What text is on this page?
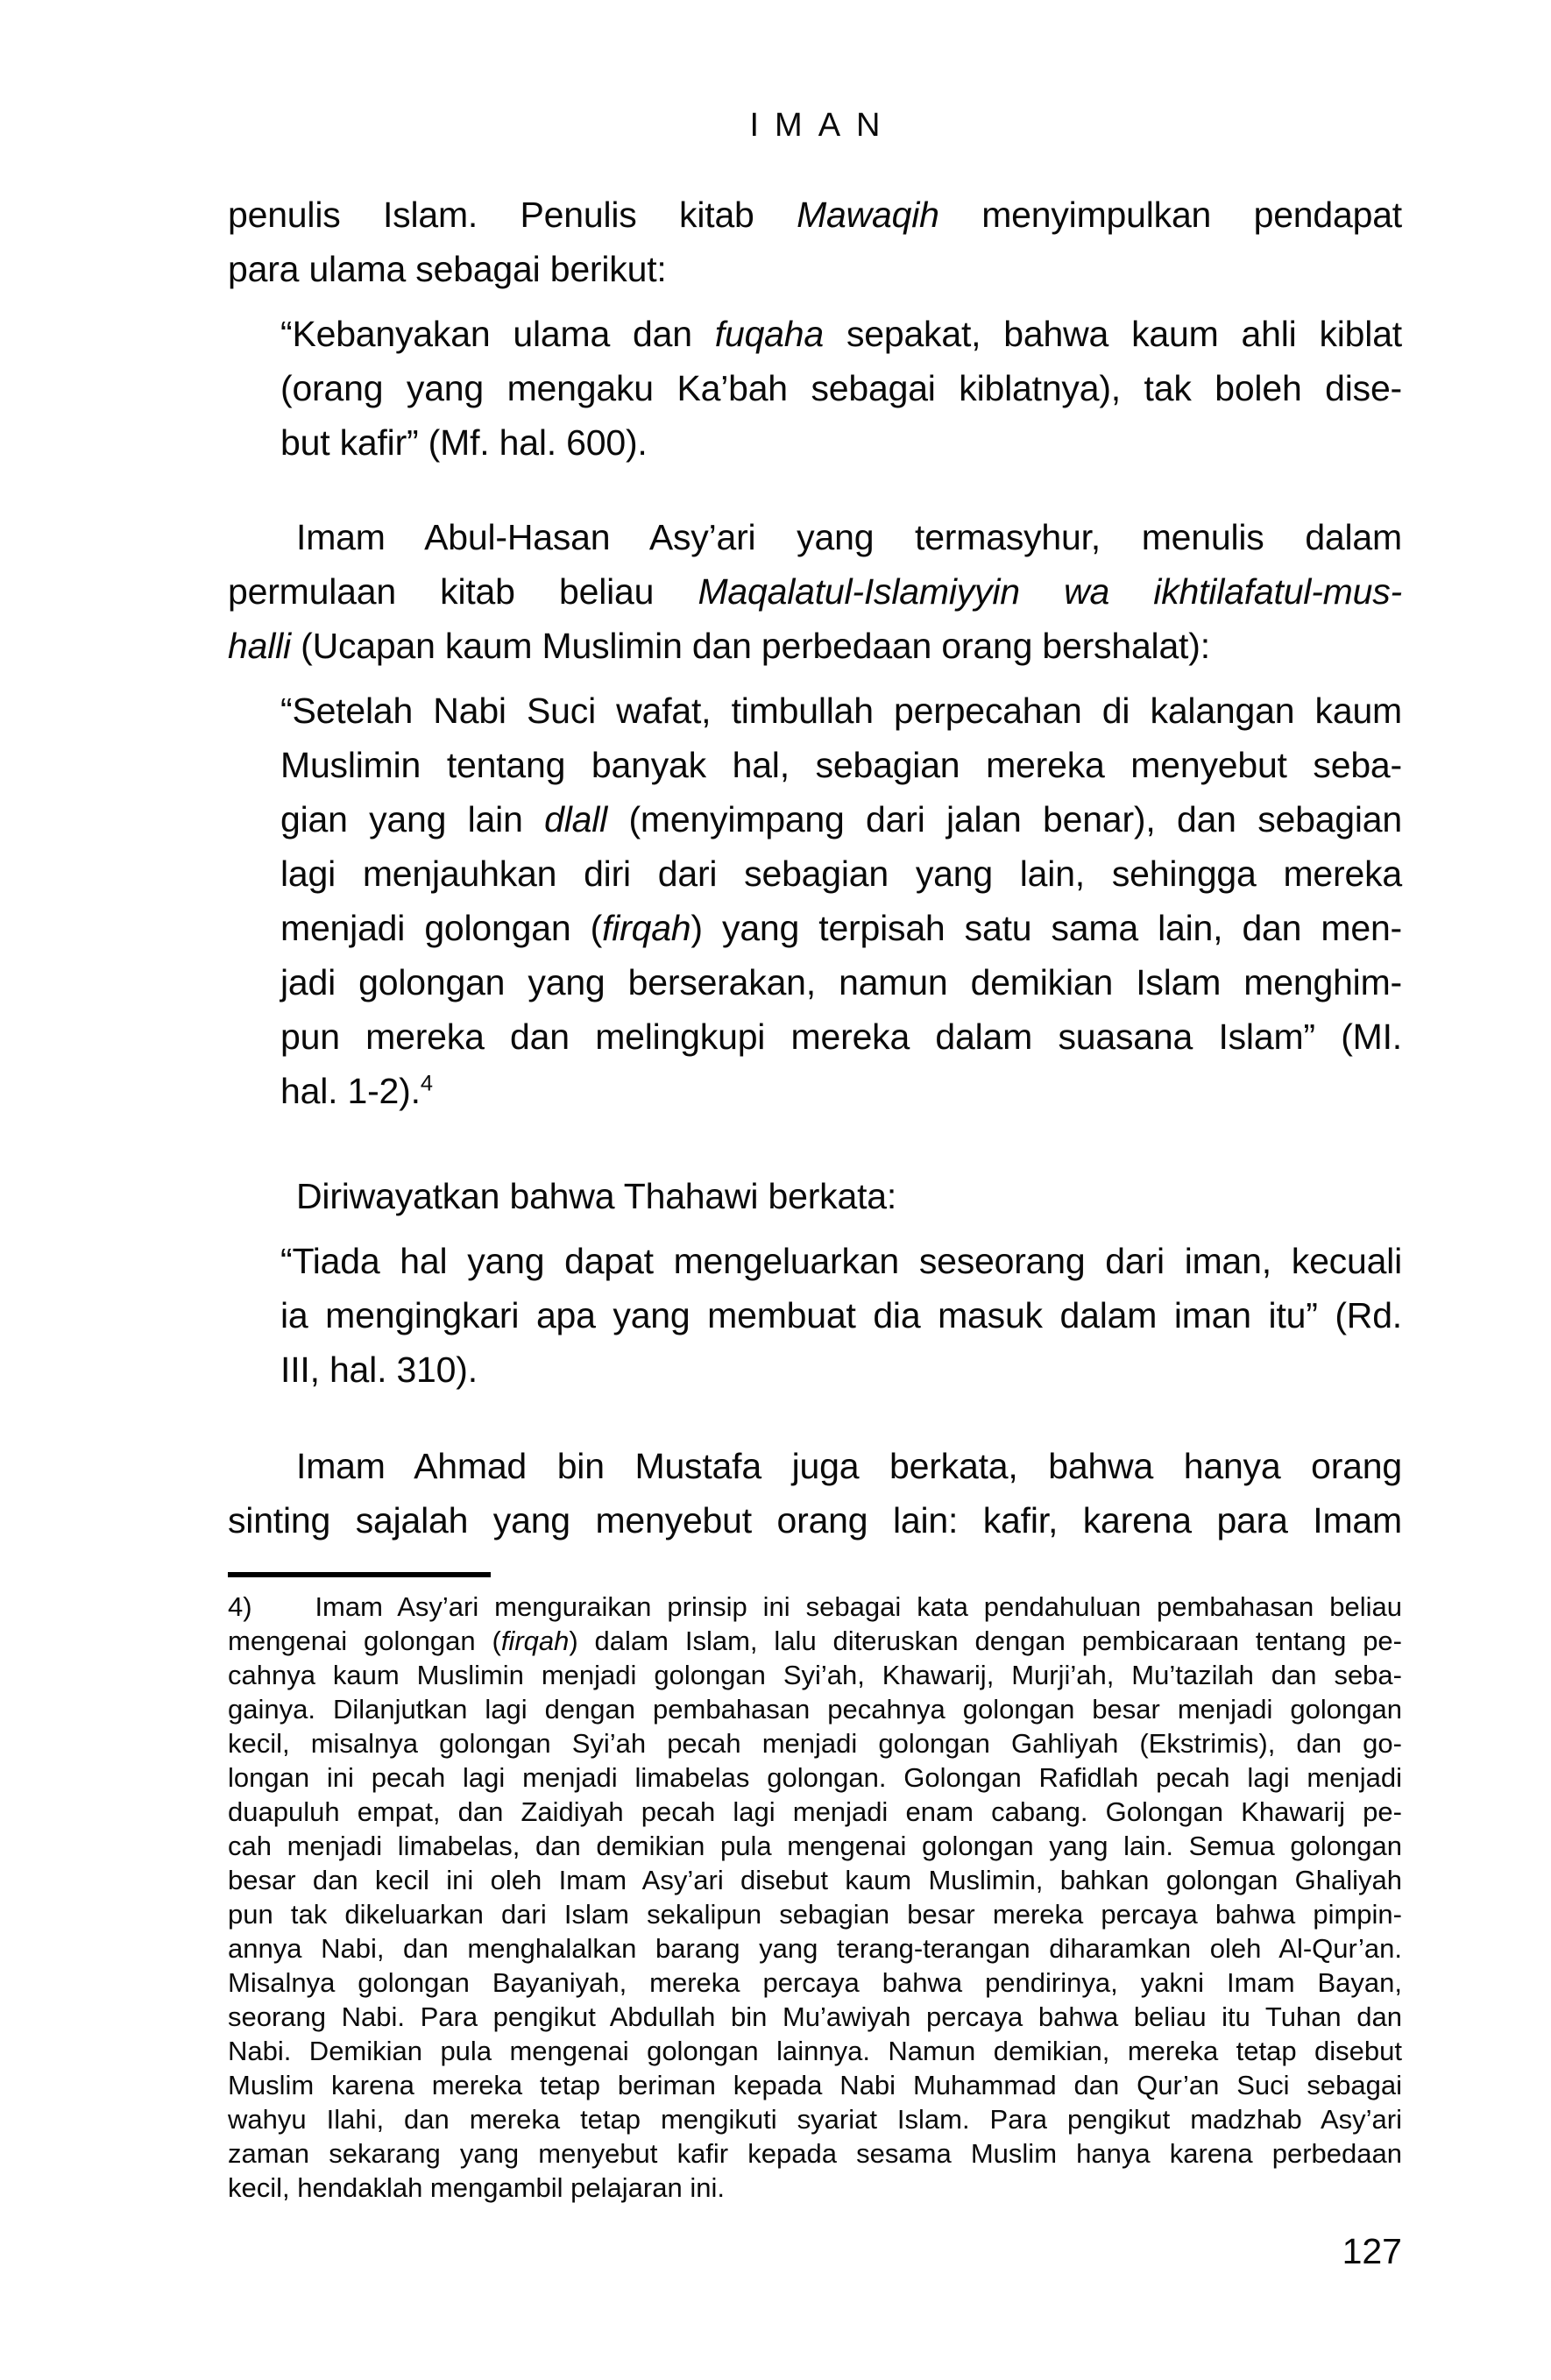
IMAN
penulis Islam. Penulis kitab Mawaqih menyimpulkan pendapat
para ulama sebagai berikut:
“Kebanyakan ulama dan fuqaha sepakat, bahwa kaum ahli kiblat
(orang yang mengaku Ka’bah sebagai kiblatnya), tak boleh dise-
but kafir” (Mf. hal. 600).
Imam Abul-Hasan Asy’ari yang termasyhur, menulis dalam
permulaan kitab beliau Maqalatul-Islamiyyin wa ikhtilafatul-mus-
halli (Ucapan kaum Muslimin dan perbedaan orang bershalat):
“Setelah Nabi Suci wafat, timbullah perpecahan di kalangan kaum
Muslimin tentang banyak hal, sebagian mereka menyebut seba-
gian yang lain dlall (menyimpang dari jalan benar), dan sebagian
lagi menjauhkan diri dari sebagian yang lain, sehingga mereka
menjadi golongan (firqah) yang terpisah satu sama lain, dan men-
jadi golongan yang berserakan, namun demikian Islam menghim-
pun mereka dan melingkupi mereka dalam suasana Islam” (MI.
hal. 1-2).$^4$
Diriwayatkan bahwa Thahawi berkata:
“Tiada hal yang dapat mengeluarkan seseorang dari iman, kecuali
ia mengingkari apa yang membuat dia masuk dalam iman itu” (Rd.
III, hal. 310).
Imam Ahmad bin Mustafa juga berkata, bahwa hanya orang
sinting sajalah yang menyebut orang lain: kafir, karena para Imam
4)    Imam Asy’ari menguraikan prinsip ini sebagai kata pendahuluan pembahasan beliau
mengenai golongan (firqah) dalam Islam, lalu diteruskan dengan pembicaraan tentang pe-
cahnya kaum Muslimin menjadi golongan Syi’ah, Khawarij, Murji’ah, Mu’tazilah dan seba-
gainya. Dilanjutkan lagi dengan pembahasan pecahnya golongan besar menjadi golongan
kecil, misalnya golongan Syi’ah pecah menjadi golongan Gahliyah (Ekstrimis), dan go-
longan ini pecah lagi menjadi limabelas golongan. Golongan Rafidlah pecah lagi menjadi
duapuluh empat, dan Zaidiyah pecah lagi menjadi enam cabang. Golongan Khawarij pe-
cah menjadi limabelas, dan demikian pula mengenai golongan yang lain. Semua golongan
besar dan kecil ini oleh Imam Asy’ari disebut kaum Muslimin, bahkan golongan Ghaliyah
pun tak dikeluarkan dari Islam sekalipun sebagian besar mereka percaya bahwa pimpin-
annya Nabi, dan menghalalkan barang yang terang-terangan diharamkan oleh Al-Qur’an.
Misalnya golongan Bayaniyah, mereka percaya bahwa pendirinya, yakni Imam Bayan,
seorang Nabi. Para pengikut Abdullah bin Mu’awiyah percaya bahwa beliau itu Tuhan dan
Nabi. Demikian pula mengenai golongan lainnya. Namun demikian, mereka tetap disebut
Muslim karena mereka tetap beriman kepada Nabi Muhammad dan Qur’an Suci sebagai
wahyu Ilahi, dan mereka tetap mengikuti syariat Islam. Para pengikut madzhab Asy’ari
zaman sekarang yang menyebut kafir kepada sesama Muslim hanya karena perbedaan
kecil, hendaklah mengambil pelajaran ini.
127
